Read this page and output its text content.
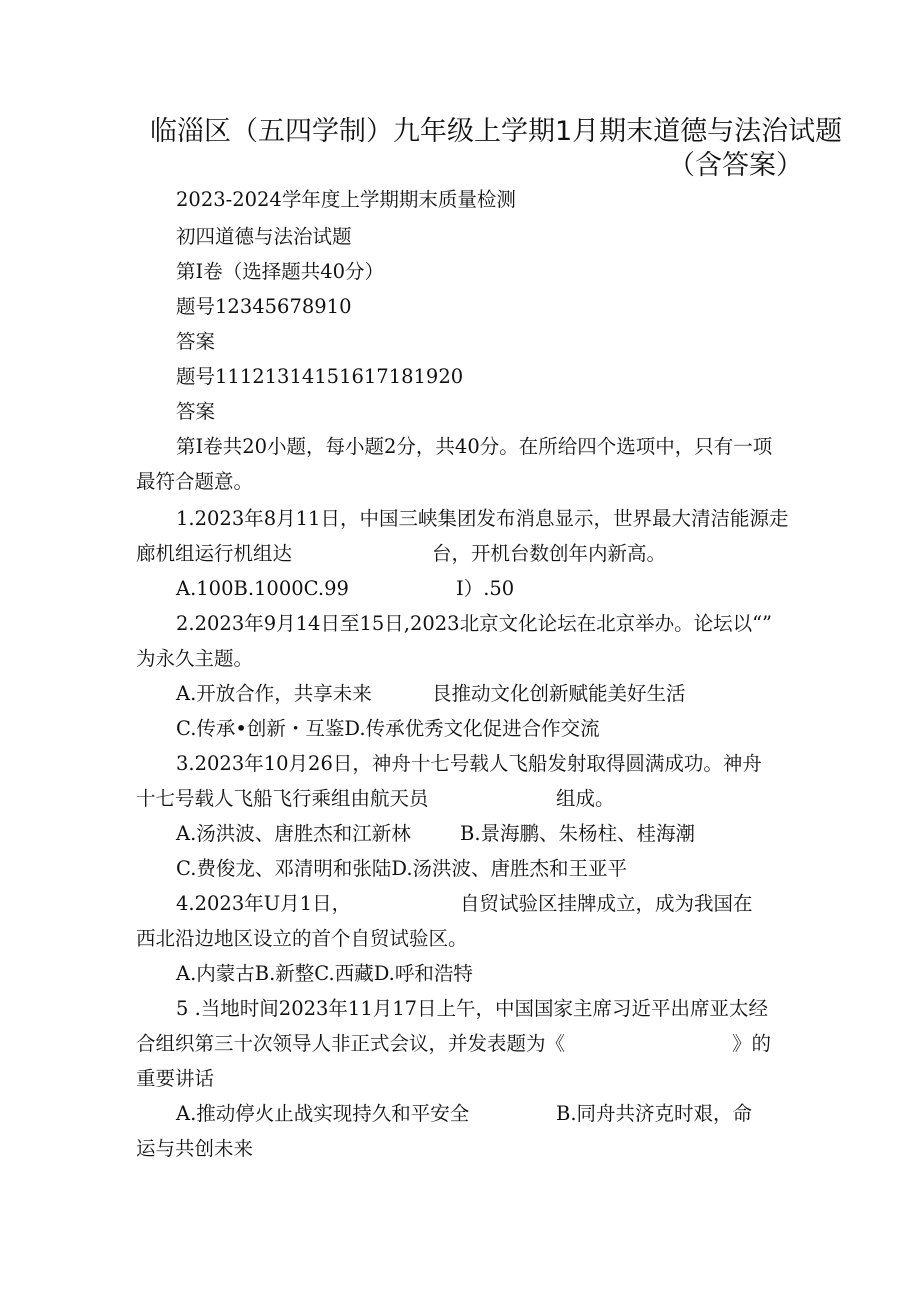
临淄区（五四学制）九年级上学期1月期末道德与法治试题
（含答案）
2023-2024学年度上学期期末质量检测
初四道德与法治试题
第I卷（选择题共40分）
题号12345678910
答案
题号11121314151617181920
答案
第I卷共20小题，每小题2分，共40分。在所给四个选项中，只有一项
最符合题意。
1.2023年8月11日，中国三峡集团发布消息显示，世界最大清洁能源走
廊机组运行机组达	台，开机台数创年内新高。
A.100B.1000C.99	I）.50
2.2023年9月14日至15日,2023北京文化论坛在北京举办。论坛以“”
为永久主题。
A.开放合作，共享未来	艮推动文化创新赋能美好生活
C.传承•创新・互鉴D.传承优秀文化促进合作交流
3.2023年10月26日，神舟十七号载人飞船发射取得圆满成功。神舟
十七号载人飞船飞行乘组由航天员	组成。
A.汤洪波、唐胜杰和江新林	B.景海鹏、朱杨柱、桂海潮
C.费俊龙、邓清明和张陆D.汤洪波、唐胜杰和王亚平
4.2023年U月1日，	自贸试验区挂牌成立，成为我国在
西北沿边地区设立的首个自贸试验区。
A.内蒙古B.新整C.西藏D.呼和浩特
5 .当地时间2023年11月17日上午，中国国家主席习近平出席亚太经
合组织第三十次领导人非正式会议，并发表题为《	》的
重要讲话
A.推动停火止战实现持久和平安全	B.同舟共济克时艰，命
运与共创未来
